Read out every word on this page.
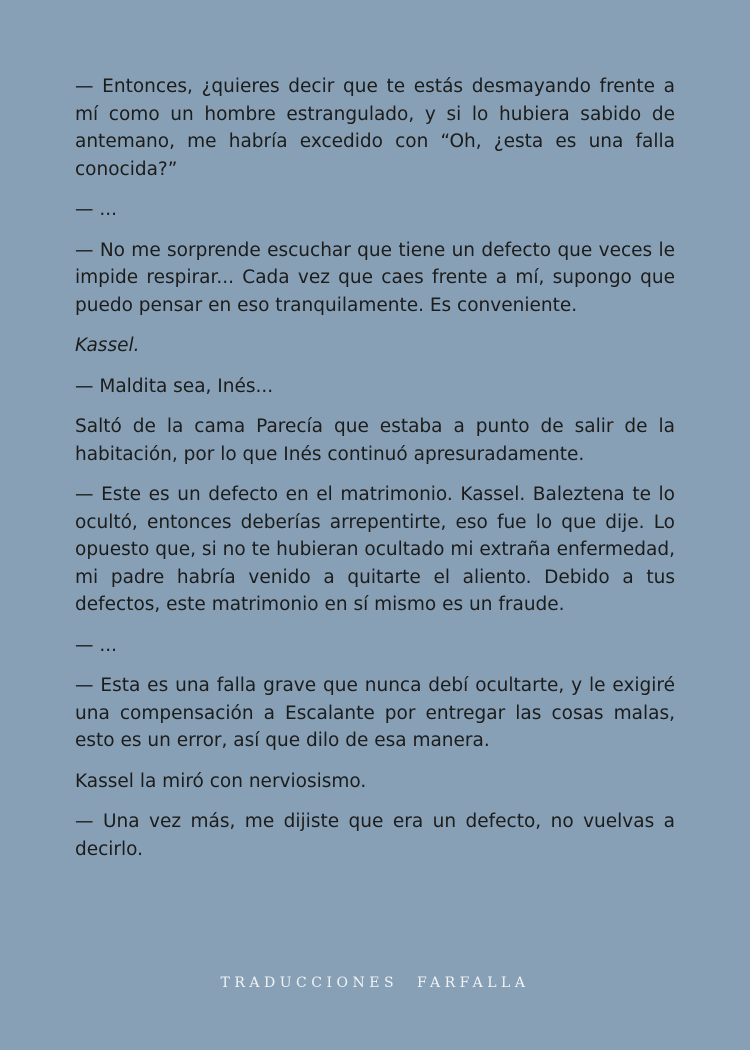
— Entonces, ¿quieres decir que te estás desmayando frente a mí como un hombre estrangulado, y si lo hubiera sabido de antemano, me habría excedido con “Oh, ¿esta es una falla conocida?”

— ...

— No me sorprende escuchar que tiene un defecto que veces le impide respirar... Cada vez que caes frente a mí, supongo que puedo pensar en eso tranquilamente. Es conveniente.

Kassel.

— Maldita sea, Inés...

Saltó de la cama Parecía que estaba a punto de salir de la habitación, por lo que Inés continuó apresuradamente.

— Este es un defecto en el matrimonio. Kassel. Baleztena te lo ocultó, entonces deberías arrepentirte, eso fue lo que dije. Lo opuesto que, si no te hubieran ocultado mi extraña enfermedad, mi padre habría venido a quitarte el aliento. Debido a tus defectos, este matrimonio en sí mismo es un fraude.

— ...

— Esta es una falla grave que nunca debí ocultarte, y le exigiré una compensación a Escalante por entregar las cosas malas, esto es un error, así que dilo de esa manera.

Kassel la miró con nerviosismo.

— Una vez más, me dijiste que era un defecto, no vuelvas a decirlo.

TRADUCCIONES FARFALLA
